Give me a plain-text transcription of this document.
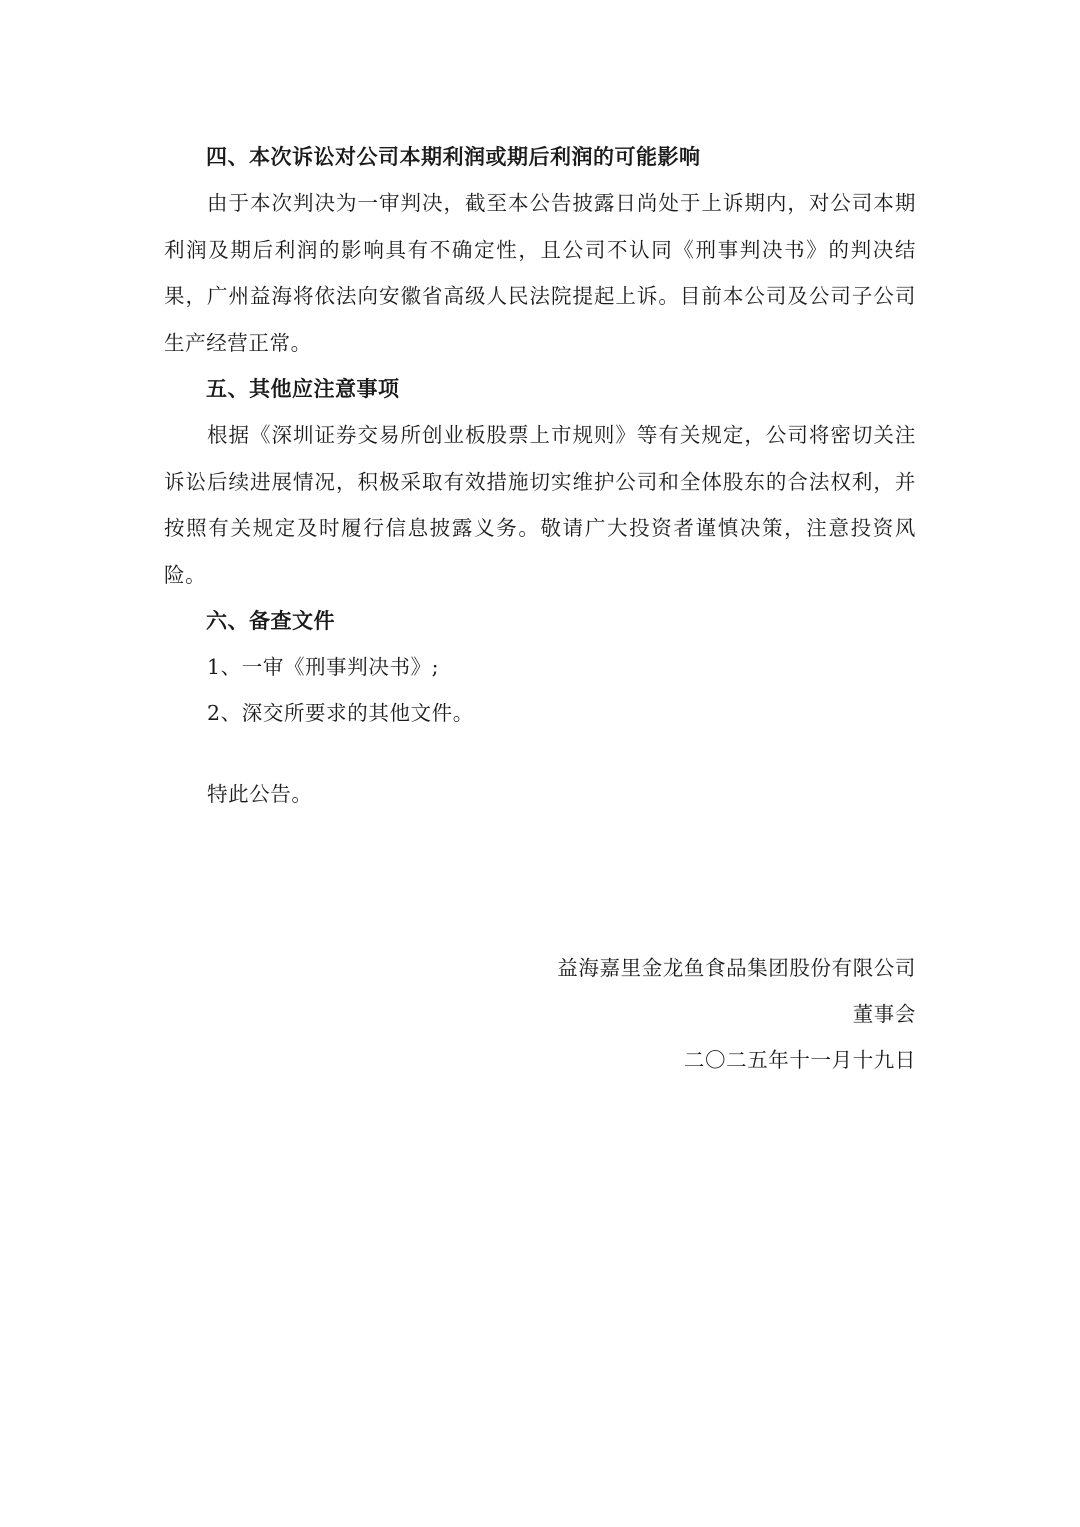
四、本次诉讼对公司本期利润或期后利润的可能影响

由于本次判决为一审判决，截至本公告披露日尚处于上诉期内，对公司本期利润及期后利润的影响具有不确定性，且公司不认同《刑事判决书》的判决结果，广州益海将依法向安徽省高级人民法院提起上诉。目前本公司及公司子公司生产经营正常。

五、其他应注意事项

根据《深圳证券交易所创业板股票上市规则》等有关规定，公司将密切关注诉讼后续进展情况，积极采取有效措施切实维护公司和全体股东的合法权利，并按照有关规定及时履行信息披露义务。敬请广大投资者谨慎决策，注意投资风险。

六、备查文件
1、一审《刑事判决书》;
2、深交所要求的其他文件。
特此公告。
益海嘉里金龙鱼食品集团股份有限公司
董事会
二〇二五年十一月十九日
